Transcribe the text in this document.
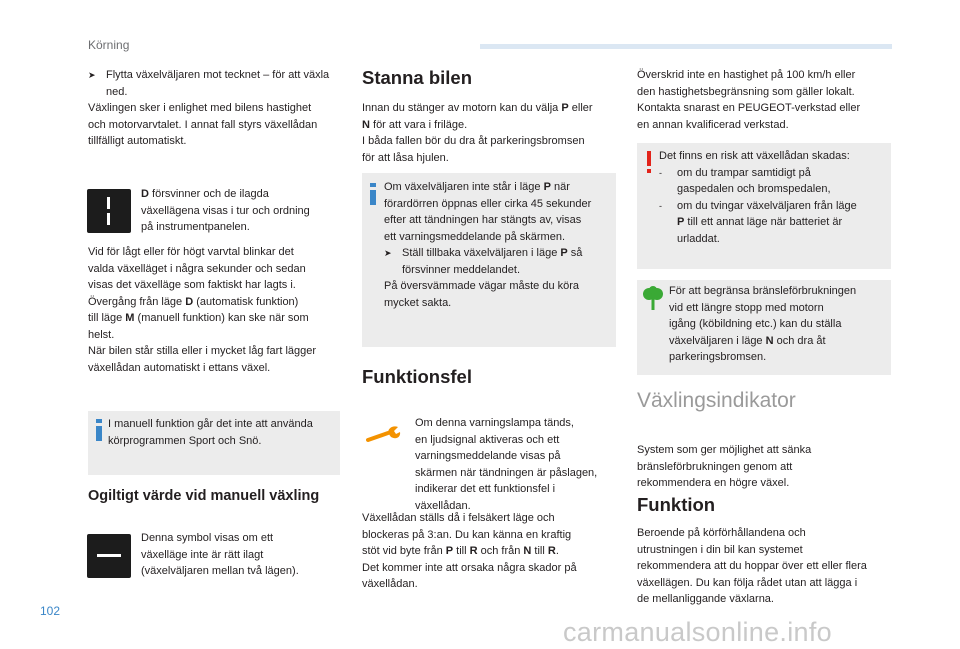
Körning
➤ Flytta växelväljaren mot tecknet – för att växla ned.

Växlingen sker i enlighet med bilens hastighet

och motorvarvtalet. I annat fall styrs växellådan

tillfälligt automatiskt.

D försvinner och de ilagda

växellägena visas i tur och ordning

på instrumentpanelen.

Vid för lågt eller för högt varvtal blinkar det

valda växelläget i några sekunder och sedan

visas det växelläge som faktiskt har lagts i.

Övergång från läge D (automatisk funktion)

till läge M (manuell funktion) kan ske när som

helst.

När bilen står stilla eller i mycket låg fart lägger

växellådan automatiskt i ettans växel.

I manuell funktion går det inte att använda

körprogrammen Sport och Snö.

Ogiltigt värde vid manuell växling

Denna symbol visas om ett

växelläge inte är rätt ilagt

(växelväljaren mellan två lägen).

Stanna bilen

Innan du stänger av motorn kan du välja P eller

N för att vara i friläge.

I båda fallen bör du dra åt parkeringsbromsen

för att låsa hjulen.

Om växelväljaren inte står i läge P när

förardörren öppnas eller cirka 45 sekunder

efter att tändningen har stängts av, visas

ett varningsmeddelande på skärmen.

➤ Ställ tillbaka växelväljaren i läge P så

försvinner meddelandet.

På översvämmade vägar måste du köra

mycket sakta.

Funktionsfel

Om denna varningslampa tänds,

en ljudsignal aktiveras och ett

varningsmeddelande visas på

skärmen när tändningen är påslagen,

indikerar det ett funktionsfel i

växellådan.

Växellådan ställs då i felsäkert läge och

blockeras på 3:an. Du kan känna en kraftig

stöt vid byte från P till R och från N till R.

Det kommer inte att orsaka några skador på

växellådan.

Överskrid inte en hastighet på 100 km/h eller

den hastighetsbegränsning som gäller lokalt.

Kontakta snarast en PEUGEOT-verkstad eller

en annan kvalificerad verkstad.

Det finns en risk att växellådan skadas:

-	om du trampar samtidigt på

gaspedalen och bromspedalen,

-	om du tvingar växelväljaren från läge

P till ett annat läge när batteriet är

urladdat.

För att begränsa bränsleförbrukningen

vid ett längre stopp med motorn

igång (köbildning etc.) kan du ställa

växelväljaren i läge N och dra åt

parkeringsbromsen.

Växlingsindikator

System som ger möjlighet att sänka

bränsleförbrukningen genom att

rekommendera en högre växel.

Funktion

Beroende på körförhållandena och

utrustningen i din bil kan systemet

rekommendera att du hoppar över ett eller flera

växellägen. Du kan följa rådet utan att lägga i

de mellanliggande växlarna.

102
carmanualsonline.info
